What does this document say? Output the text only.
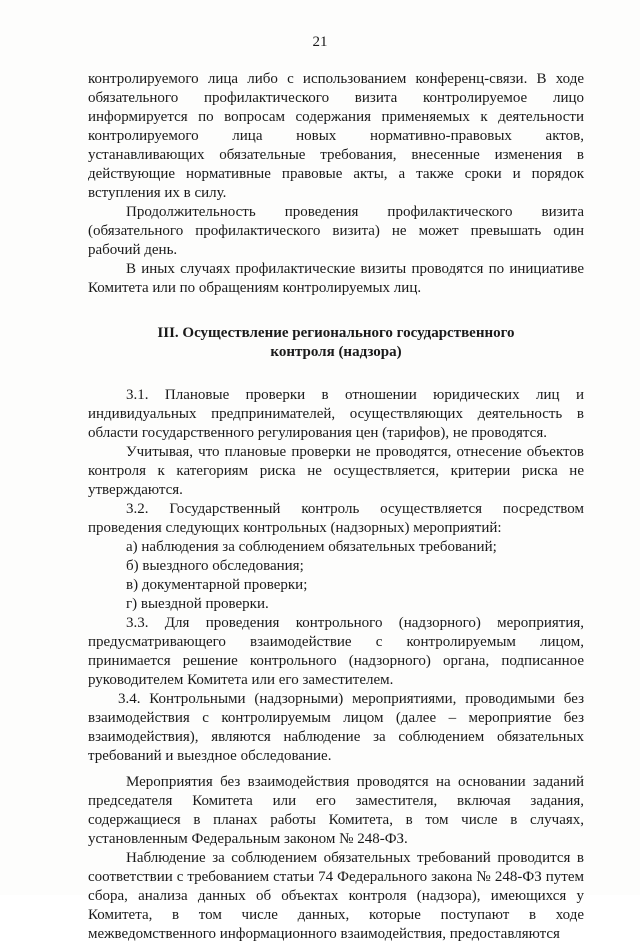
21

контролируемого лица либо с использованием конференц-связи. В ходе обязательного профилактического визита контролируемое лицо информируется по вопросам содержания применяемых к деятельности контролируемого лица новых нормативно-правовых актов, устанавливающих обязательные требования, внесенные изменения в действующие нормативные правовые акты, а также сроки и порядок вступления их в силу.

Продолжительность проведения профилактического визита (обязательного профилактического визита) не может превышать один рабочий день.

В иных случаях профилактические визиты проводятся по инициативе Комитета или по обращениям контролируемых лиц.

III. Осуществление регионального государственного

контроля (надзора)

3.1. Плановые проверки в отношении юридических лиц и индивидуальных предпринимателей, осуществляющих деятельность в области государственного регулирования цен (тарифов), не проводятся.

Учитывая, что плановые проверки не проводятся, отнесение объектов контроля к категориям риска не осуществляется, критерии риска не утверждаются.

3.2. Государственный контроль осуществляется посредством проведения следующих контрольных (надзорных) мероприятий:

а) наблюдения за соблюдением обязательных требований;

б) выездного обследования;

в) документарной проверки;

г) выездной проверки.

3.3. Для проведения контрольного (надзорного) мероприятия, предусматривающего взаимодействие с контролируемым лицом, принимается решение контрольного (надзорного) органа, подписанное руководителем Комитета или его заместителем.

3.4. Контрольными (надзорными) мероприятиями, проводимыми без взаимодействия с контролируемым лицом (далее – мероприятие без взаимодействия), являются наблюдение за соблюдением обязательных требований и выездное обследование.

Мероприятия без взаимодействия проводятся на основании заданий председателя Комитета или его заместителя, включая задания, содержащиеся в планах работы Комитета, в том числе в случаях, установленным Федеральным законом № 248-ФЗ.

Наблюдение за соблюдением обязательных требований проводится в соответствии с требованием статьи 74 Федерального закона № 248-ФЗ путем сбора, анализа данных об объектах контроля (надзора), имеющихся у Комитета, в том числе данных, которые поступают в ходе межведомственного информационного взаимодействия, предоставляются
